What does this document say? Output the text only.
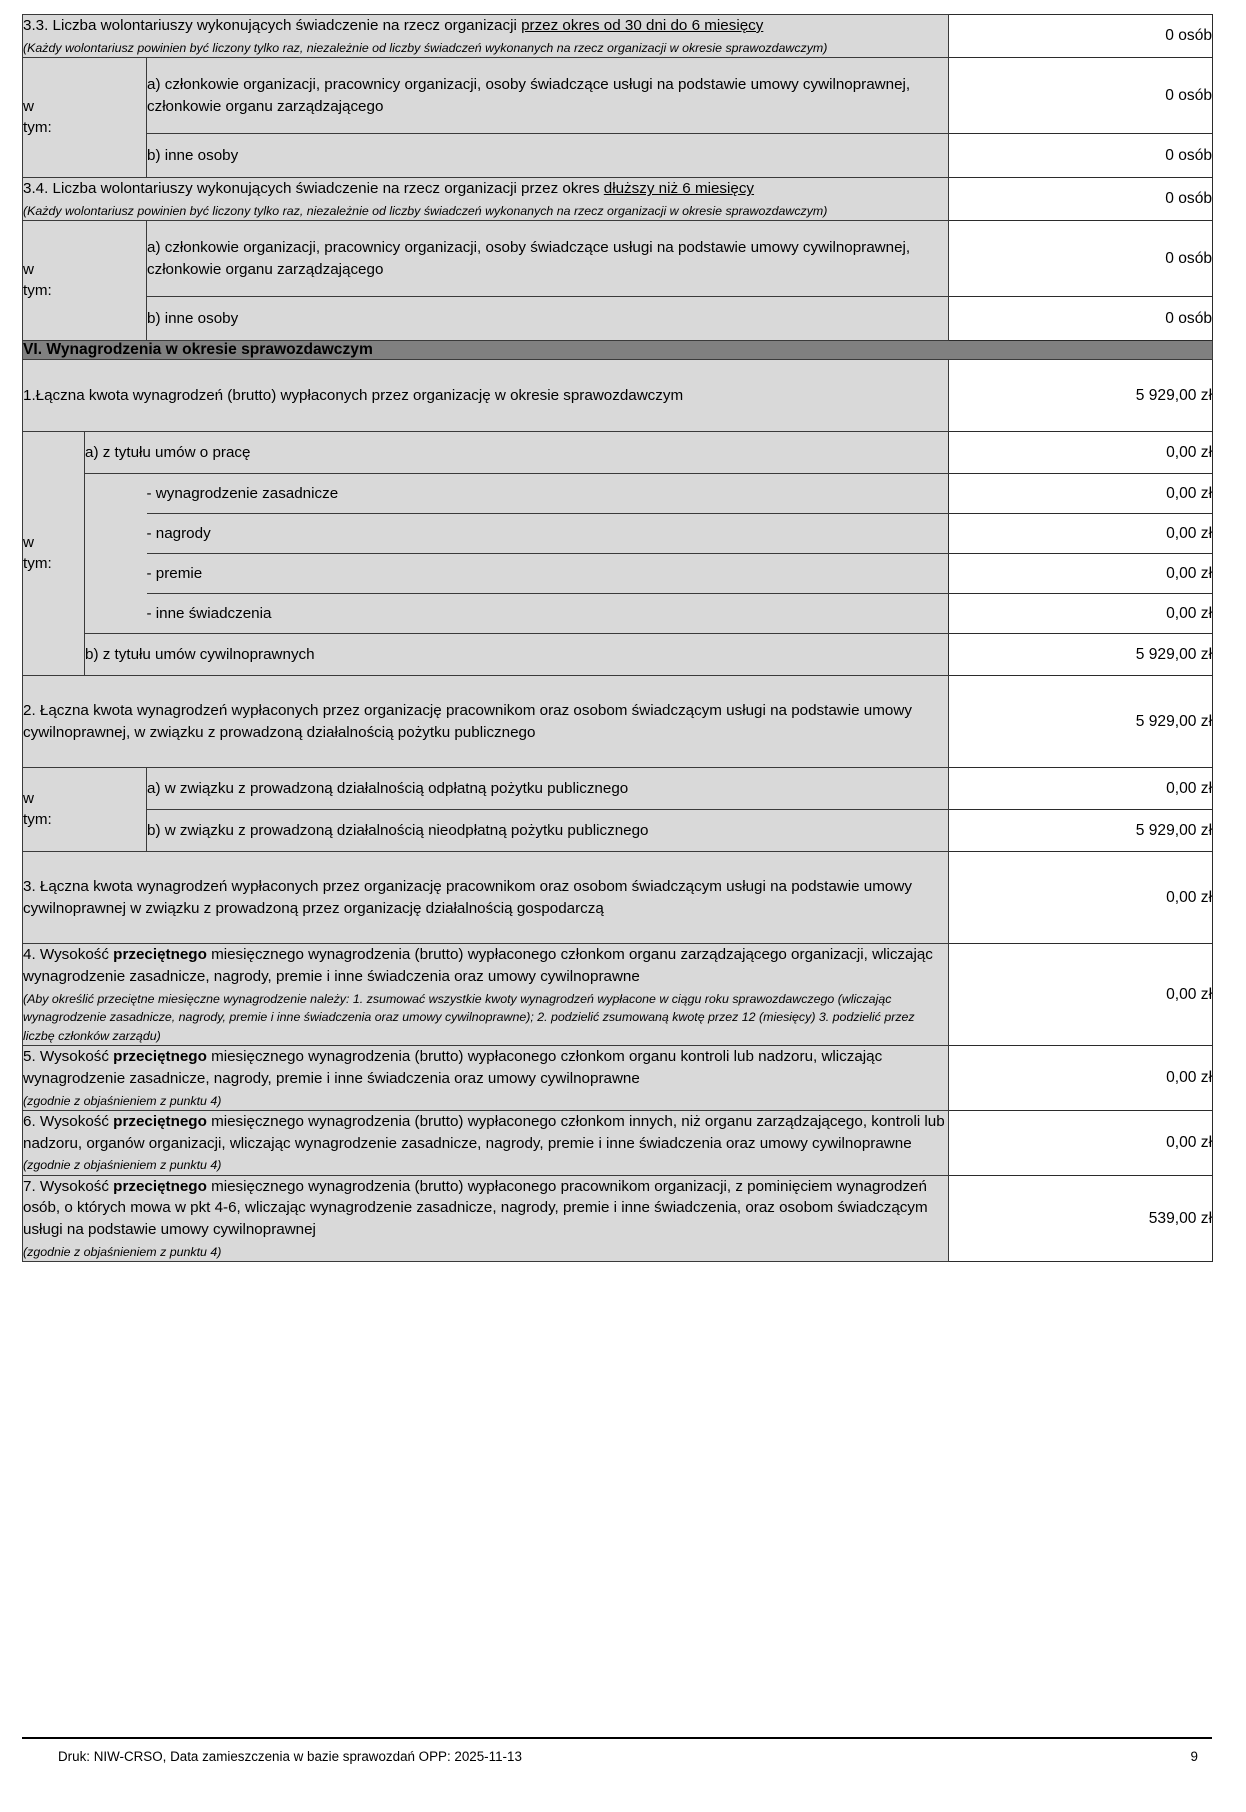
3.3. Liczba wolontariuszy wykonujących świadczenie na rzecz organizacji przez okres od 30 dni do 6 miesięcy
(Każdy wolontariusz powinien być liczony tylko raz, niezależnie od liczby świadczeń wykonanych na rzecz organizacji w okresie sprawozdawczym)			0 osób

w
tym:		a) członkowie organizacji, pracownicy organizacji, osoby świadczące usługi na podstawie umowy cywilnoprawnej, członkowie organu zarządzającego	0 osób
		b) inne osoby	0 osób
3.4. Liczba wolontariuszy wykonujących świadczenie na rzecz organizacji przez okres dłuższy niż 6 miesięcy
(Każdy wolontariusz powinien być liczony tylko raz, niezależnie od liczby świadczeń wykonanych na rzecz organizacji w okresie sprawozdawczym)			0 osób

w
tym:		a) członkowie organizacji, pracownicy organizacji, osoby świadczące usługi na podstawie umowy cywilnoprawnej, członkowie organu zarządzającego	0 osób
		b) inne osoby	0 osób
VI. Wynagrodzenia w okresie sprawozdawczym			
1.Łączna kwota wynagrodzeń (brutto) wypłaconych przez organizację w okresie sprawozdawczym			5 929,00 zł

w
tym:	a) z tytułu umów o pracę		0,00 zł
		- wynagrodzenie zasadnicze	0,00 zł
		- nagrody	0,00 zł
		- premie	0,00 zł
		- inne świadczenia	0,00 zł
	b) z tytułu umów cywilnoprawnych		5 929,00 zł
2. Łączna kwota wynagrodzeń wypłaconych przez organizację pracownikom oraz osobom świadczącym usługi na podstawie umowy cywilnoprawnej, w związku z prowadzoną działalnością pożytku publicznego			5 929,00 zł

w
tym:		a) w związku z prowadzoną działalnością odpłatną pożytku publicznego	0,00 zł
		b) w związku z prowadzoną działalnością nieodpłatną pożytku publicznego	5 929,00 zł
3. Łączna kwota wynagrodzeń wypłaconych przez organizację pracownikom oraz osobom świadczącym usługi na podstawie umowy cywilnoprawnej w związku z prowadzoną przez organizację działalnością gospodarczą			0,00 zł
4. Wysokość przeciętnego miesięcznego wynagrodzenia (brutto) wypłaconego członkom organu zarządzającego organizacji, wliczając wynagrodzenie zasadnicze, nagrody, premie i inne świadczenia oraz umowy cywilnoprawne
(Aby określić przeciętne miesięczne wynagrodzenie należy: 1. zsumować wszystkie kwoty wynagrodzeń wypłacone w ciągu roku sprawozdawczego (wliczając wynagrodzenie zasadnicze, nagrody, premie i inne świadczenia oraz umowy cywilnoprawne); 2. podzielić zsumowaną kwotę przez 12 (miesięcy) 3. podzielić przez liczbę członków zarządu)			0,00 zł
5. Wysokość przeciętnego miesięcznego wynagrodzenia (brutto) wypłaconego członkom organu kontroli lub nadzoru, wliczając wynagrodzenie zasadnicze, nagrody, premie i inne świadczenia oraz umowy cywilnoprawne
(zgodnie z objaśnieniem z punktu 4)			0,00 zł
6. Wysokość przeciętnego miesięcznego wynagrodzenia (brutto) wypłaconego członkom innych, niż organu zarządzającego, kontroli lub nadzoru, organów organizacji, wliczając wynagrodzenie zasadnicze, nagrody, premie i inne świadczenia oraz umowy cywilnoprawne
(zgodnie z objaśnieniem z punktu 4)			0,00 zł
7. Wysokość przeciętnego miesięcznego wynagrodzenia (brutto) wypłaconego pracownikom organizacji, z pominięciem wynagrodzeń osób, o których mowa w pkt 4-6, wliczając wynagrodzenie zasadnicze, nagrody, premie i inne świadczenia, oraz osobom świadczącym usługi na podstawie umowy cywilnoprawnej
(zgodnie z objaśnieniem z punktu 4)			539,00 zł
Druk: NIW-CRSO, Data zamieszczenia w bazie sprawozdań OPP: 2025-11-13	9
